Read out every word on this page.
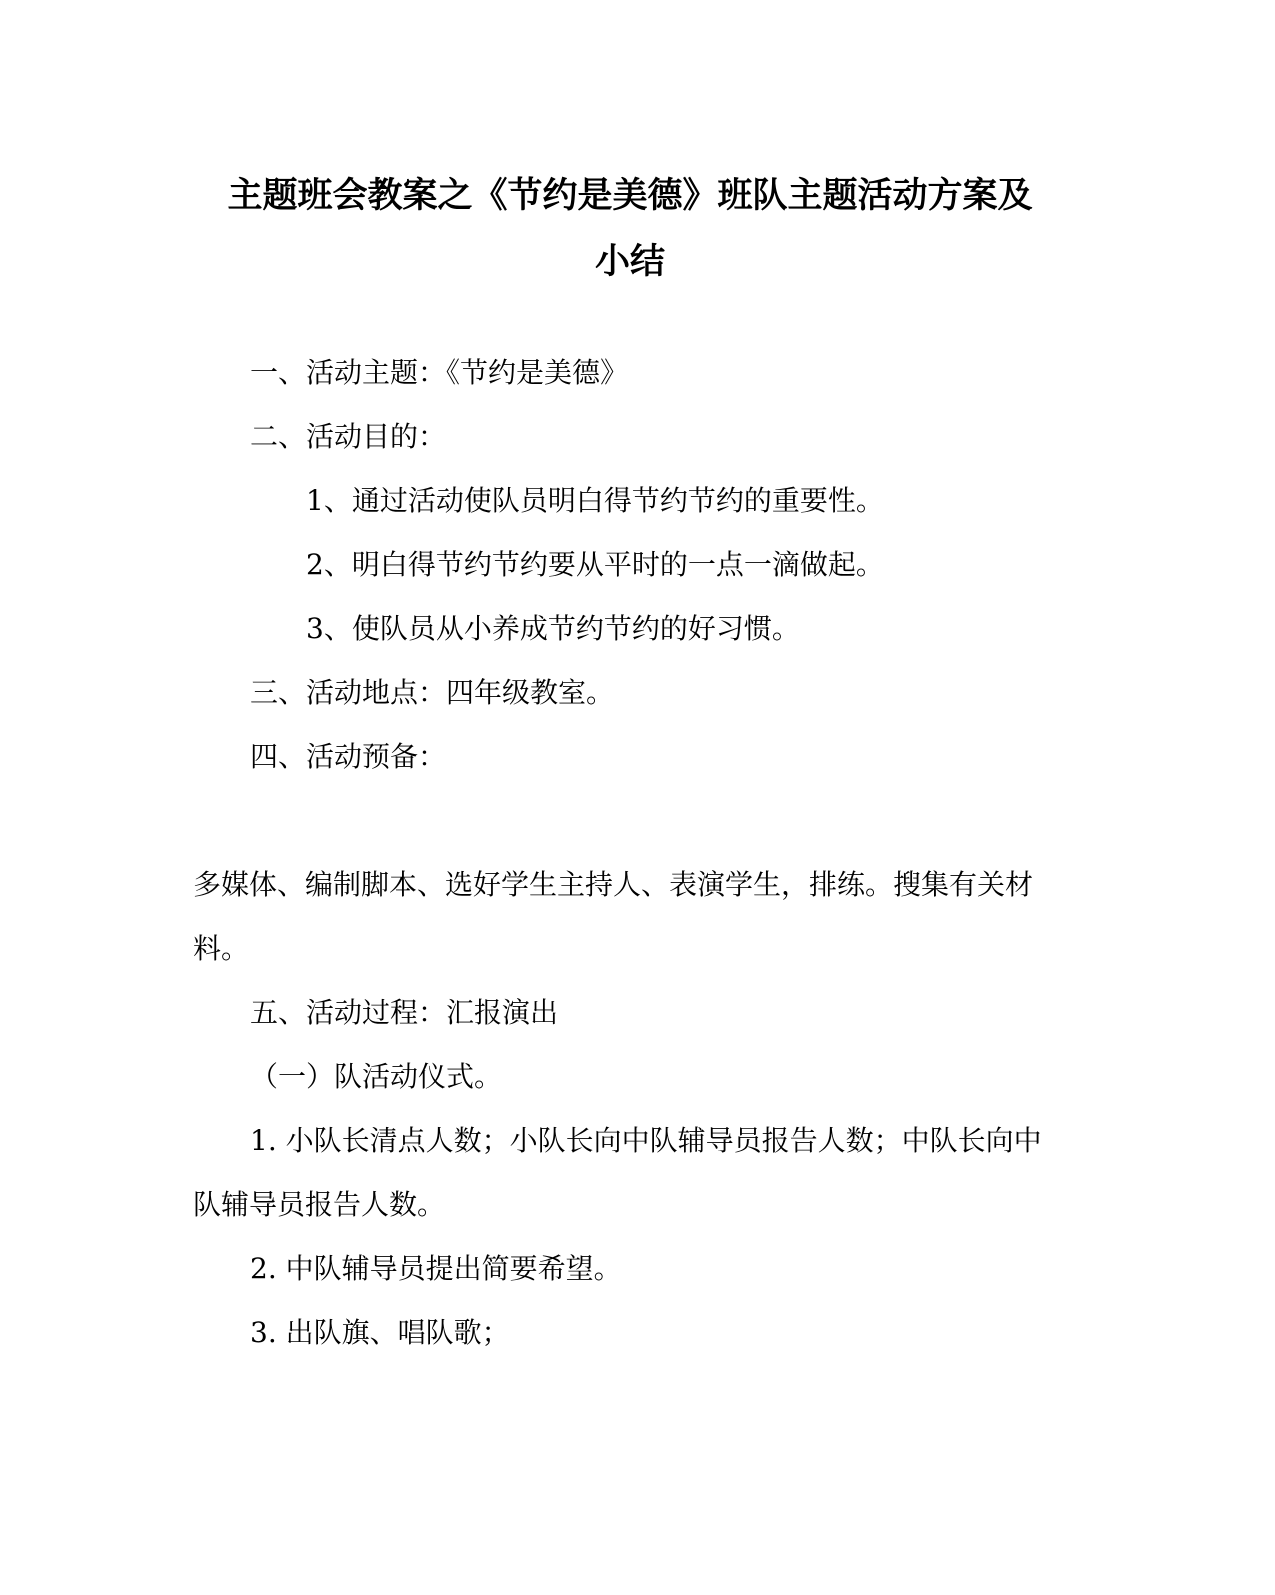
主题班会教案之《节约是美德》班队主题活动方案及
小结
一、活动主题：《节约是美德》
二、活动目的：
1、通过活动使队员明白得节约节约的重要性。
2、明白得节约节约要从平时的一点一滴做起。
3、使队员从小养成节约节约的好习惯。
三、活动地点：四年级教室。
四、活动预备：
多媒体、编制脚本、选好学生主持人、表演学生，排练。搜集有关材
料。
五、活动过程：汇报演出
（一）队活动仪式。
1. 小队长清点人数；小队长向中队辅导员报告人数；中队长向中
队辅导员报告人数。
2. 中队辅导员提出简要希望。
3. 出队旗、唱队歌；
